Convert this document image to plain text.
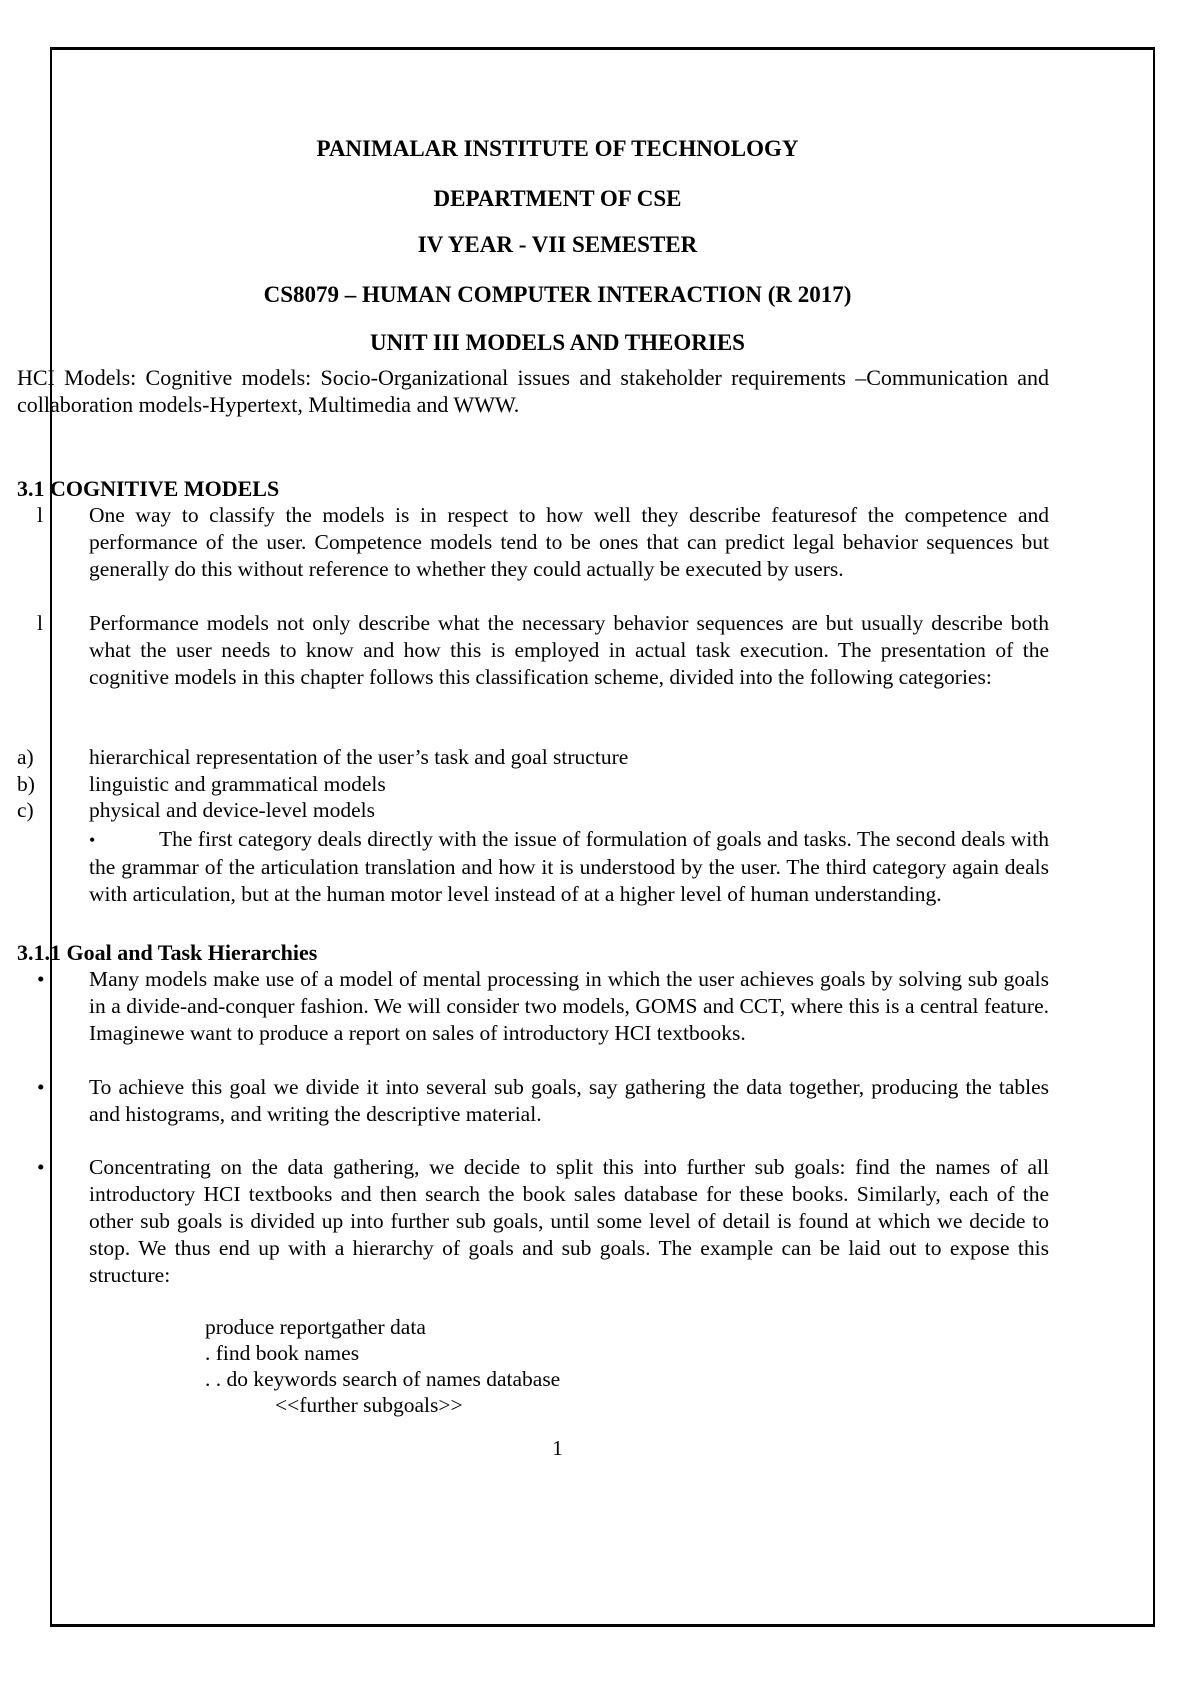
PANIMALAR INSTITUTE OF TECHNOLOGY
DEPARTMENT OF CSE
IV YEAR - VII SEMESTER
CS8079 – HUMAN COMPUTER INTERACTION (R 2017)
UNIT III MODELS AND THEORIES
HCI Models: Cognitive models: Socio-Organizational issues and stakeholder requirements –Communication and collaboration models-Hypertext, Multimedia and WWW.
3.1 COGNITIVE MODELS
l	One way to classify the models is in respect to how well they describe featuresof the competence and performance of the user. Competence models tend to be ones that can predict legal behavior sequences but generally do this without reference to whether they could actually be executed by users.
l	Performance models not only describe what the necessary behavior sequences are but usually describe both what the user needs to know and how this is employed in actual task execution. The presentation of the cognitive models in this chapter follows this classification scheme, divided into the following categories:
a)	hierarchical representation of the user’s task and goal structure
b)	linguistic and grammatical models
c)	physical and device-level models
•	The first category deals directly with the issue of formulation of goals and tasks. The second deals with the grammar of the articulation translation and how it is understood by the user. The third category again deals with articulation, but at the human motor level instead of at a higher level of human understanding.
3.1.1 Goal and Task Hierarchies
•	Many models make use of a model of mental processing in which the user achieves goals by solving sub goals in a divide-and-conquer fashion. We will consider two models, GOMS and CCT, where this is a central feature. Imaginewe want to produce a report on sales of introductory HCI textbooks.
•	To achieve this goal we divide it into several sub goals, say gathering the data together, producing the tables and histograms, and writing the descriptive material.
•	Concentrating on the data gathering, we decide to split this into further sub goals: find the names of all introductory HCI textbooks and then search the book sales database for these books. Similarly, each of the other sub goals is divided up into further sub goals, until some level of detail is found at which we decide to stop. We thus end up with a hierarchy of goals and sub goals. The example can be laid out to expose this structure:
produce reportgather data
. find book names
. . do keywords search of names database
<<further subgoals>>
1
